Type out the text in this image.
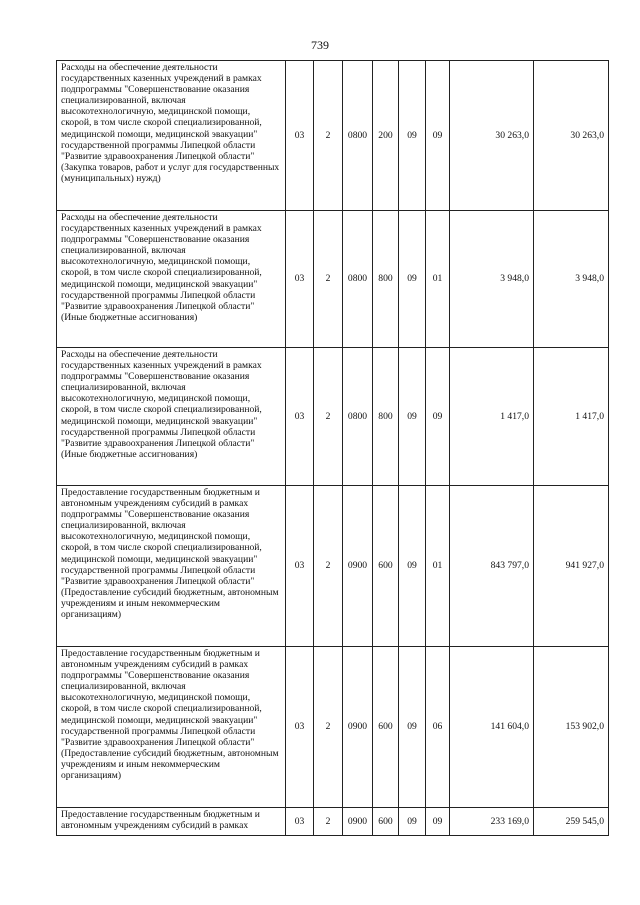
739
Расходы на обеспечение деятельности государственных казенных учреждений в рамках подпрограммы "Совершенствование оказания специализированной, включая высокотехнологичную, медицинской помощи, скорой, в том числе скорой специализированной, медицинской помощи, медицинской эвакуации" государственной программы Липецкой области "Развитие здравоохранения Липецкой области" (Закупка товаров, работ и услуг для государственных (муниципальных) нужд)	03	2	0800	200	09	09	30 263,0	30 263,0
Расходы на обеспечение деятельности государственных казенных учреждений в рамках подпрограммы "Совершенствование оказания специализированной, включая высокотехнологичную, медицинской помощи, скорой, в том числе скорой специализированной, медицинской помощи, медицинской эвакуации" государственной программы Липецкой области "Развитие здравоохранения Липецкой области" (Иные бюджетные ассигнования)	03	2	0800	800	09	01	3 948,0	3 948,0
Расходы на обеспечение деятельности государственных казенных учреждений в рамках подпрограммы "Совершенствование оказания специализированной, включая высокотехнологичную, медицинской помощи, скорой, в том числе скорой специализированной, медицинской помощи, медицинской эвакуации" государственной программы Липецкой области "Развитие здравоохранения Липецкой области" (Иные бюджетные ассигнования)	03	2	0800	800	09	09	1 417,0	1 417,0
Предоставление государственным бюджетным и автономным учреждениям субсидий в рамках подпрограммы "Совершенствование оказания специализированной, включая высокотехнологичную, медицинской помощи, скорой, в том числе скорой специализированной, медицинской помощи, медицинской эвакуации" государственной программы Липецкой области "Развитие здравоохранения Липецкой области" (Предоставление субсидий бюджетным, автономным учреждениям и иным некоммерческим организациям)	03	2	0900	600	09	01	843 797,0	941 927,0
Предоставление государственным бюджетным и автономным учреждениям субсидий в рамках подпрограммы "Совершенствование оказания специализированной, включая высокотехнологичную, медицинской помощи, скорой, в том числе скорой специализированной, медицинской помощи, медицинской эвакуации" государственной программы Липецкой области "Развитие здравоохранения Липецкой области" (Предоставление субсидий бюджетным, автономным учреждениям и иным некоммерческим организациям)	03	2	0900	600	09	06	141 604,0	153 902,0
Предоставление государственным бюджетным и автономным учреждениям субсидий в рамках	03	2	0900	600	09	09	233 169,0	259 545,0
